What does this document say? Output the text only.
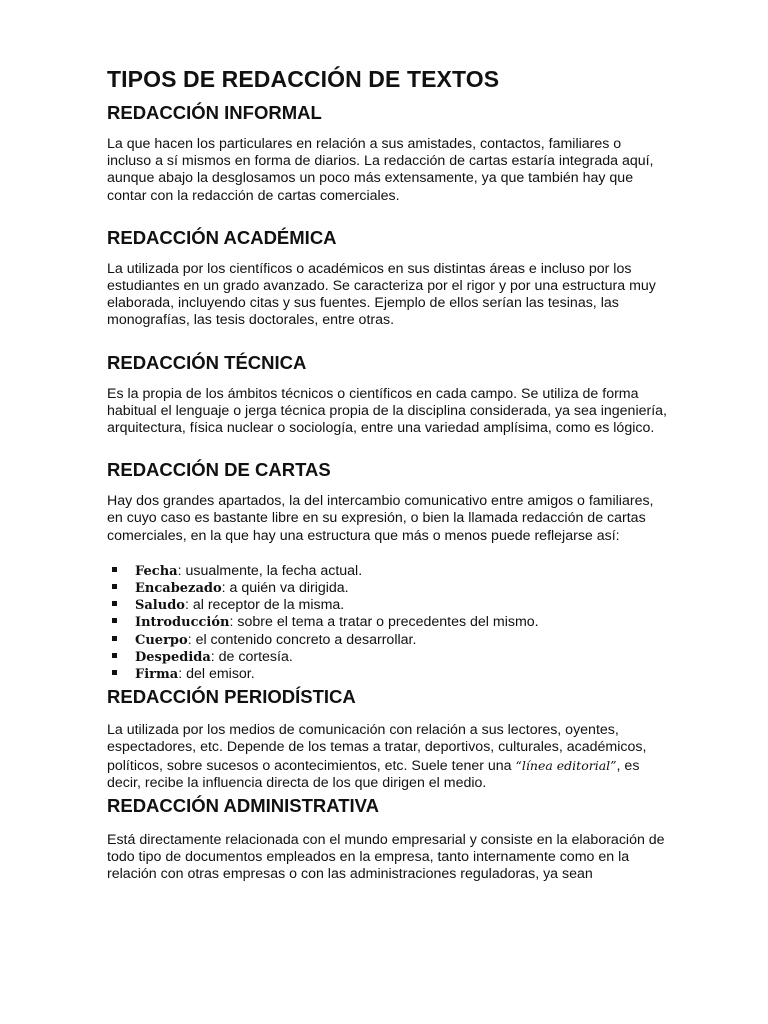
TIPOS DE REDACCIÓN DE TEXTOS
REDACCIÓN INFORMAL

La que hacen los particulares en relación a sus amistades, contactos, familiares o incluso a sí mismos en forma de diarios. La redacción de cartas estaría integrada aquí, aunque abajo la desglosamos un poco más extensamente, ya que también hay que contar con la redacción de cartas comerciales.

REDACCIÓN ACADÉMICA

La utilizada por los científicos o académicos en sus distintas áreas e incluso por los estudiantes en un grado avanzado. Se caracteriza por el rigor y por una estructura muy elaborada, incluyendo citas y sus fuentes. Ejemplo de ellos serían las tesinas, las monografías, las tesis doctorales, entre otras.

REDACCIÓN TÉCNICA

Es la propia de los ámbitos técnicos o científicos en cada campo. Se utiliza de forma habitual el lenguaje o jerga técnica propia de la disciplina considerada, ya sea ingeniería, arquitectura, física nuclear o sociología, entre una variedad amplísima, como es lógico.

REDACCIÓN DE CARTAS

Hay dos grandes apartados, la del intercambio comunicativo entre amigos o familiares, en cuyo caso es bastante libre en su expresión, o bien la llamada redacción de cartas comerciales, en la que hay una estructura que más o menos puede reflejarse así:

Fecha: usualmente, la fecha actual.
Encabezado: a quién va dirigida.
Saludo: al receptor de la misma.
Introducción: sobre el tema a tratar o precedentes del mismo.
Cuerpo: el contenido concreto a desarrollar.
Despedida: de cortesía.
Firma: del emisor.
REDACCIÓN PERIODÍSTICA

La utilizada por los medios de comunicación con relación a sus lectores, oyentes, espectadores, etc. Depende de los temas a tratar, deportivos, culturales, académicos, políticos, sobre sucesos o acontecimientos, etc. Suele tener una “línea editorial”, es decir, recibe la influencia directa de los que dirigen el medio.

REDACCIÓN ADMINISTRATIVA

Está directamente relacionada con el mundo empresarial y consiste en la elaboración de todo tipo de documentos empleados en la empresa, tanto internamente como en la relación con otras empresas o con las administraciones reguladoras, ya sean
